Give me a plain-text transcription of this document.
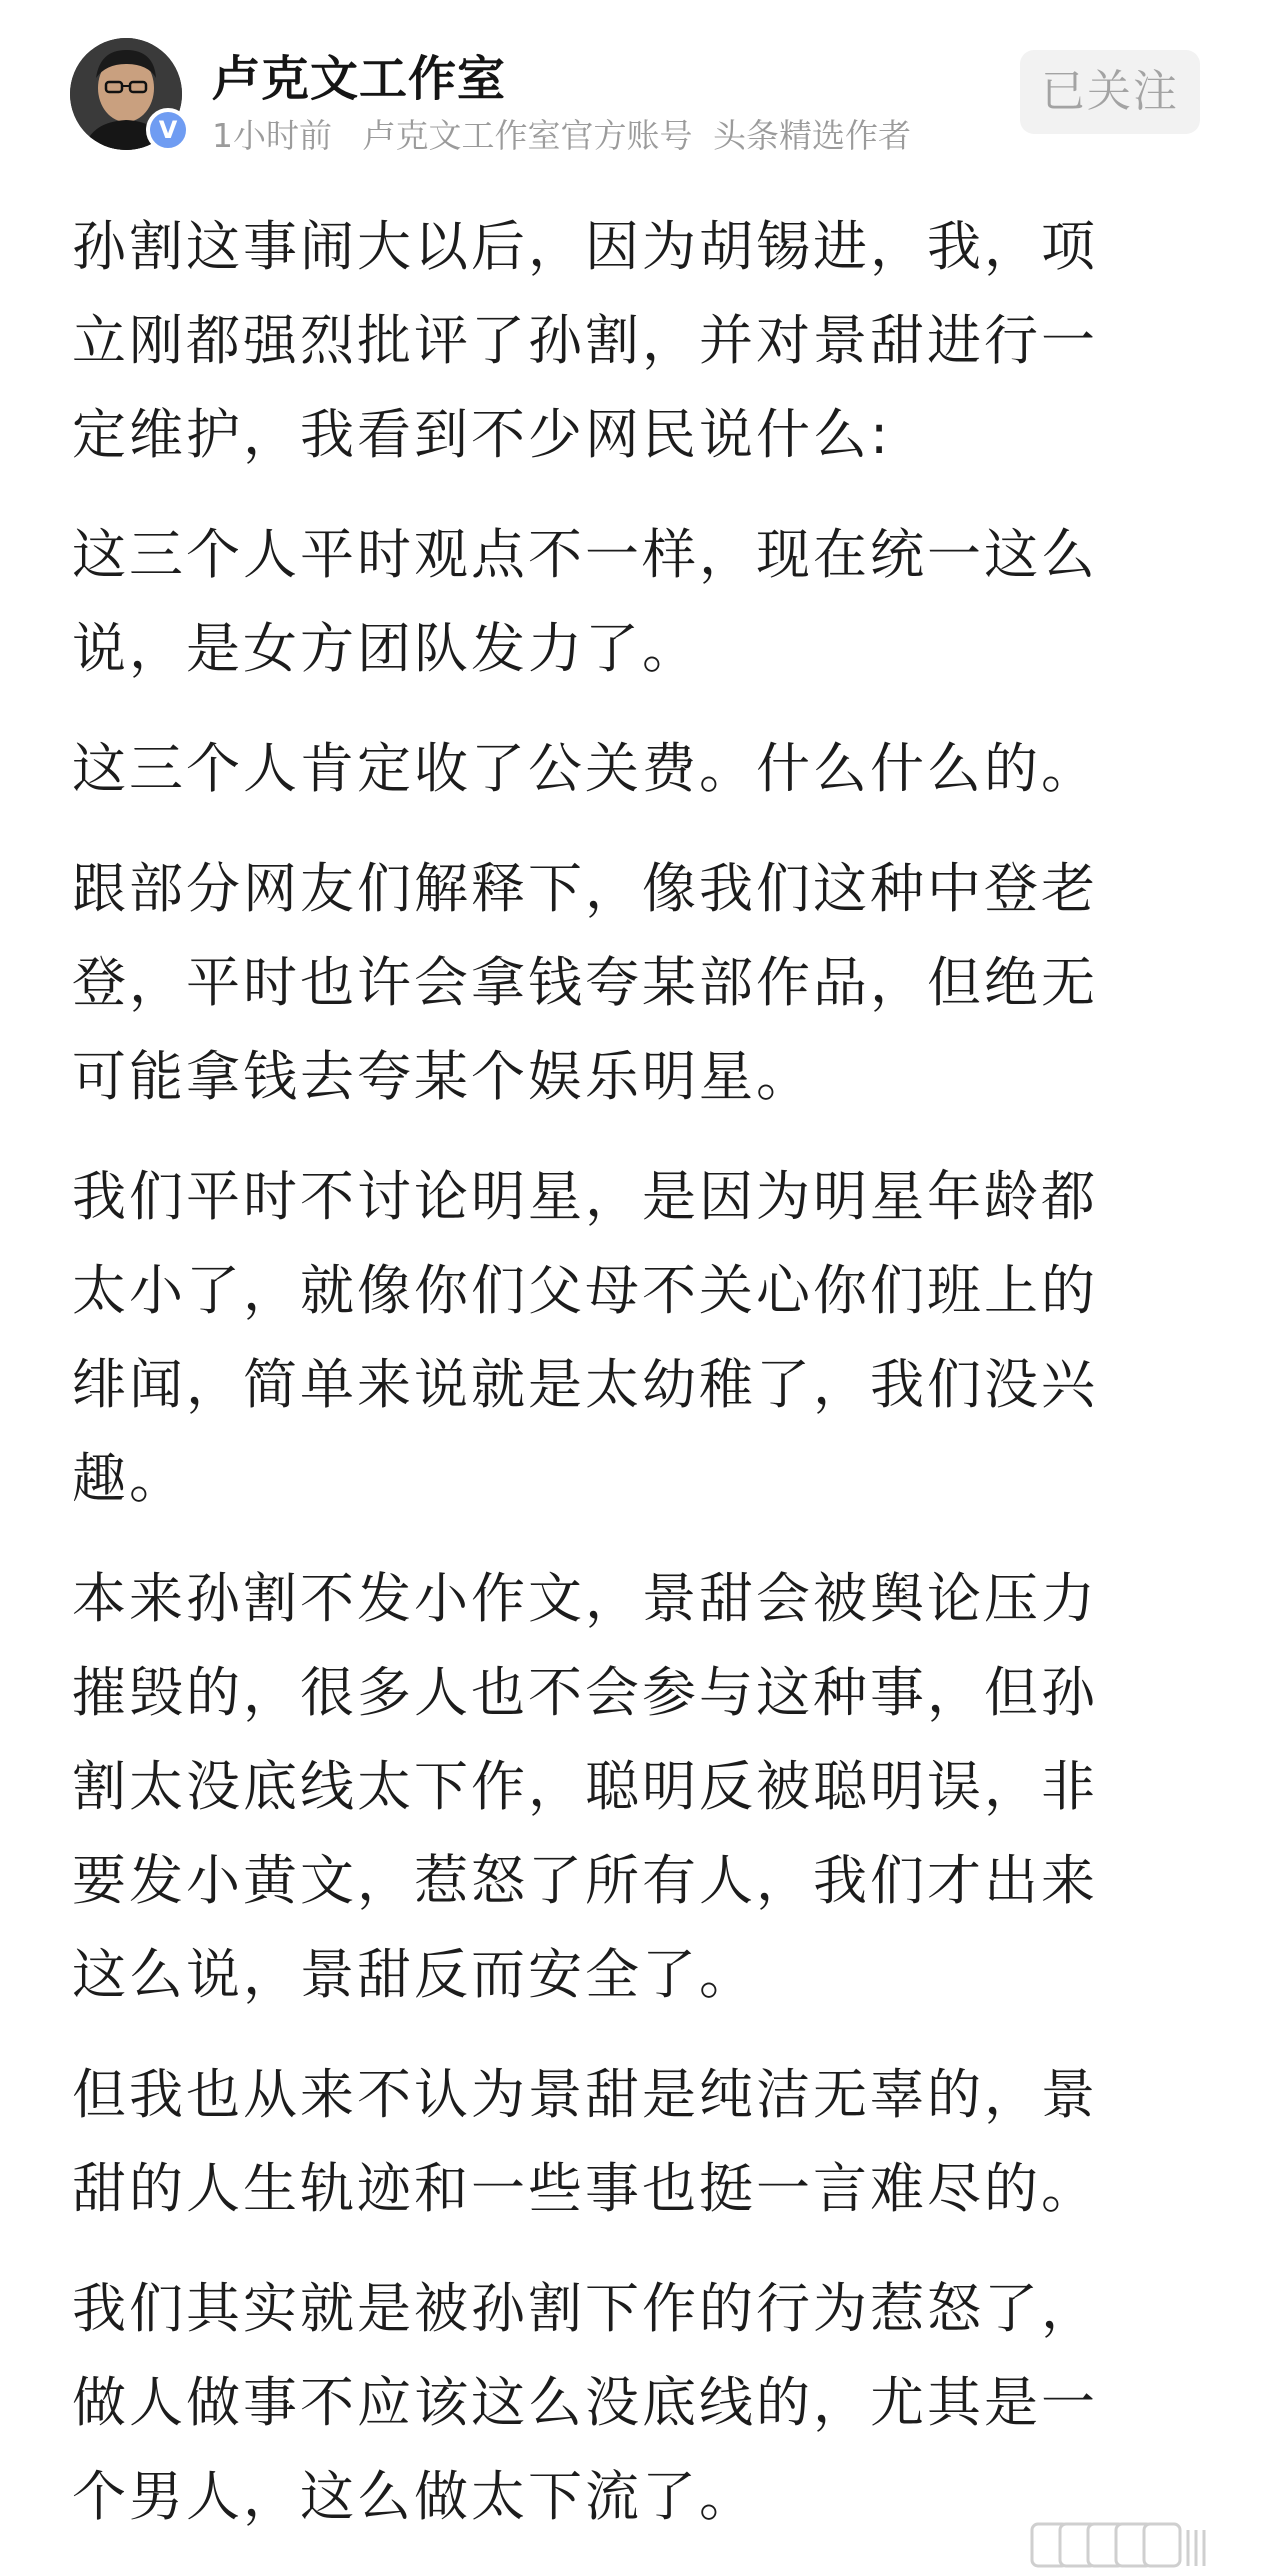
V
卢克文工作室
1小时前 卢克文工作室官方账号 头条精选作者
已关注

孙割这事闹大以后，因为胡锡进，我，项立刚都强烈批评了孙割，并对景甜进行一定维护，我看到不少网民说什么:

这三个人平时观点不一样，现在统一这么说，是女方团队发力了。

这三个人肯定收了公关费。什么什么的。

跟部分网友们解释下，像我们这种中登老登，平时也许会拿钱夸某部作品，但绝无可能拿钱去夸某个娱乐明星。

我们平时不讨论明星，是因为明星年龄都太小了，就像你们父母不关心你们班上的绯闻，简单来说就是太幼稚了，我们没兴趣。

本来孙割不发小作文，景甜会被舆论压力摧毁的，很多人也不会参与这种事，但孙割太没底线太下作，聪明反被聪明误，非要发小黄文，惹怒了所有人，我们才出来这么说，景甜反而安全了。

但我也从来不认为景甜是纯洁无辜的，景甜的人生轨迹和一些事也挺一言难尽的。

我们其实就是被孙割下作的行为惹怒了，做人做事不应该这么没底线的，尤其是一个男人，这么做太下流了。
